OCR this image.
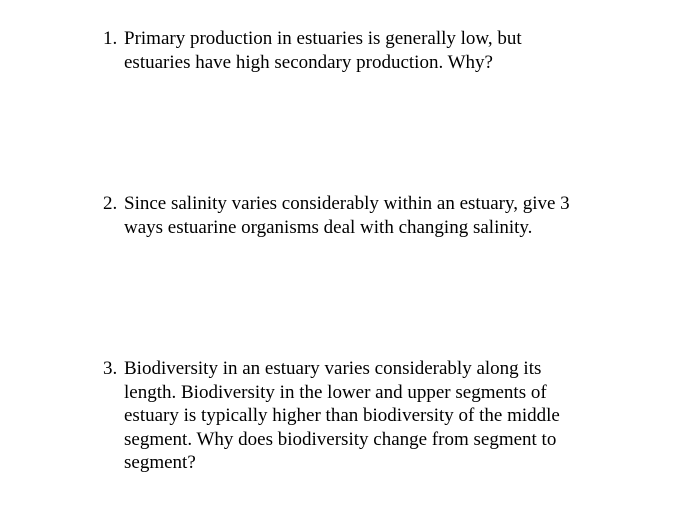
1. Primary production in estuaries is generally low, but
estuaries have high secondary production. Why?
2. Since salinity varies considerably within an estuary, give 3
ways estuarine organisms deal with changing salinity.
3. Biodiversity in an estuary varies considerably along its
length. Biodiversity in the lower and upper segments of
estuary is typically higher than biodiversity of the middle
segment. Why does biodiversity change from segment to
segment?
